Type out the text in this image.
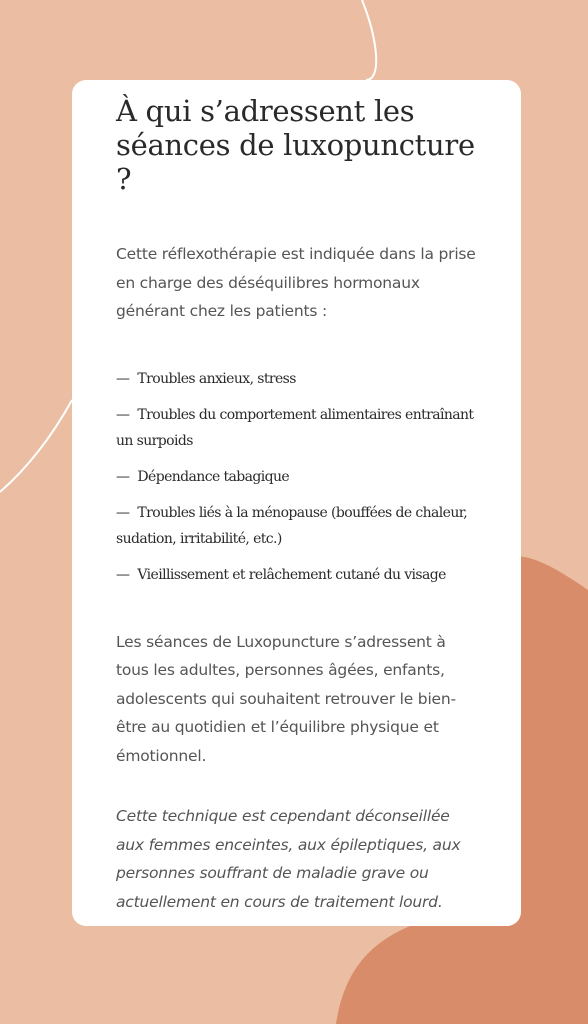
À qui s’adressent les séances de luxopuncture ?

Cette réflexothérapie est indiquée dans la prise en charge des déséquilibres hormonaux générant chez les patients :

— Troubles anxieux, stress
— Troubles du comportement alimentaires entraînant un surpoids
— Dépendance tabagique
— Troubles liés à la ménopause (bouffées de chaleur, sudation, irritabilité, etc.)
— Vieillissement et relâchement cutané du visage

Les séances de Luxopuncture s’adressent à tous les adultes, personnes âgées, enfants, adolescents qui souhaitent retrouver le bien-être au quotidien et l’équilibre physique et émotionnel.

Cette technique est cependant déconseillée aux femmes enceintes, aux épileptiques, aux personnes souffrant de maladie grave ou actuellement en cours de traitement lourd.
